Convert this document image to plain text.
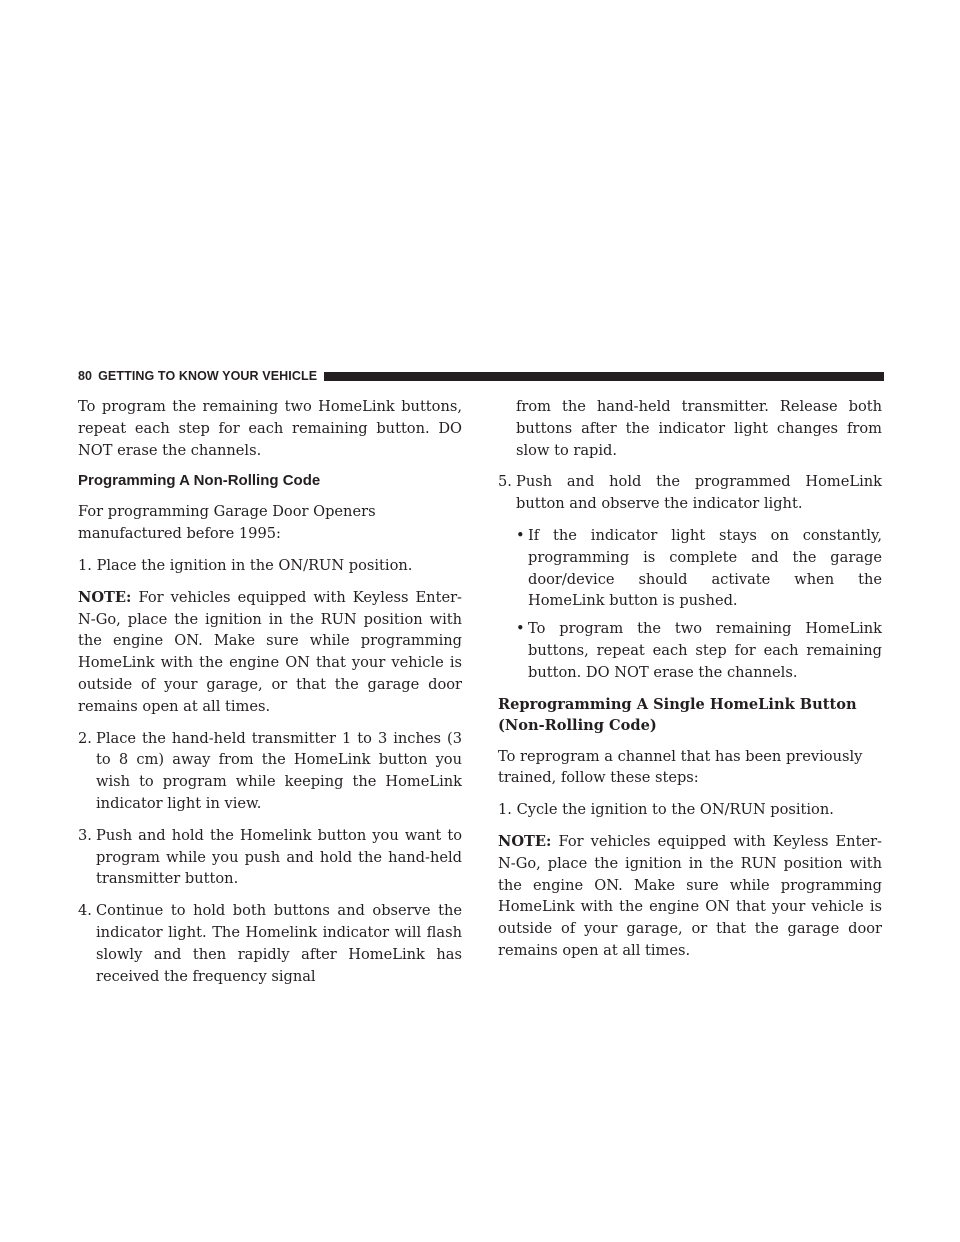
80 GETTING TO KNOW YOUR VEHICLE

To program the remaining two HomeLink buttons, repeat each step for each remaining button. DO NOT erase the channels.

Programming A Non-Rolling Code

For programming Garage Door Openers manufactured before 1995:

1. Place the ignition in the ON/RUN position.

NOTE: For vehicles equipped with Keyless Enter-N-Go, place the ignition in the RUN position with the engine ON. Make sure while programming HomeLink with the engine ON that your vehicle is outside of your garage, or that the garage door remains open at all times.

2. Place the hand-held transmitter 1 to 3 inches (3 to 8 cm) away from the HomeLink button you wish to program while keeping the HomeLink indicator light in view.
3. Push and hold the Homelink button you want to program while you push and hold the hand-held transmitter button.
4. Continue to hold both buttons and observe the indicator light. The Homelink indicator will flash slowly and then rapidly after HomeLink has received the frequency signal
from the hand-held transmitter. Release both buttons after the indicator light changes from slow to rapid.
5. Push and hold the programmed HomeLink button and observe the indicator light.
• If the indicator light stays on constantly, programming is complete and the garage door/device should activate when the HomeLink button is pushed.
• To program the two remaining HomeLink buttons, repeat each step for each remaining button. DO NOT erase the channels.
Reprogramming A Single HomeLink Button
(Non-Rolling Code)

To reprogram a channel that has been previously trained, follow these steps:

1. Cycle the ignition to the ON/RUN position.

NOTE: For vehicles equipped with Keyless Enter-N-Go, place the ignition in the RUN position with the engine ON. Make sure while programming HomeLink with the engine ON that your vehicle is outside of your garage, or that the garage door remains open at all times.
